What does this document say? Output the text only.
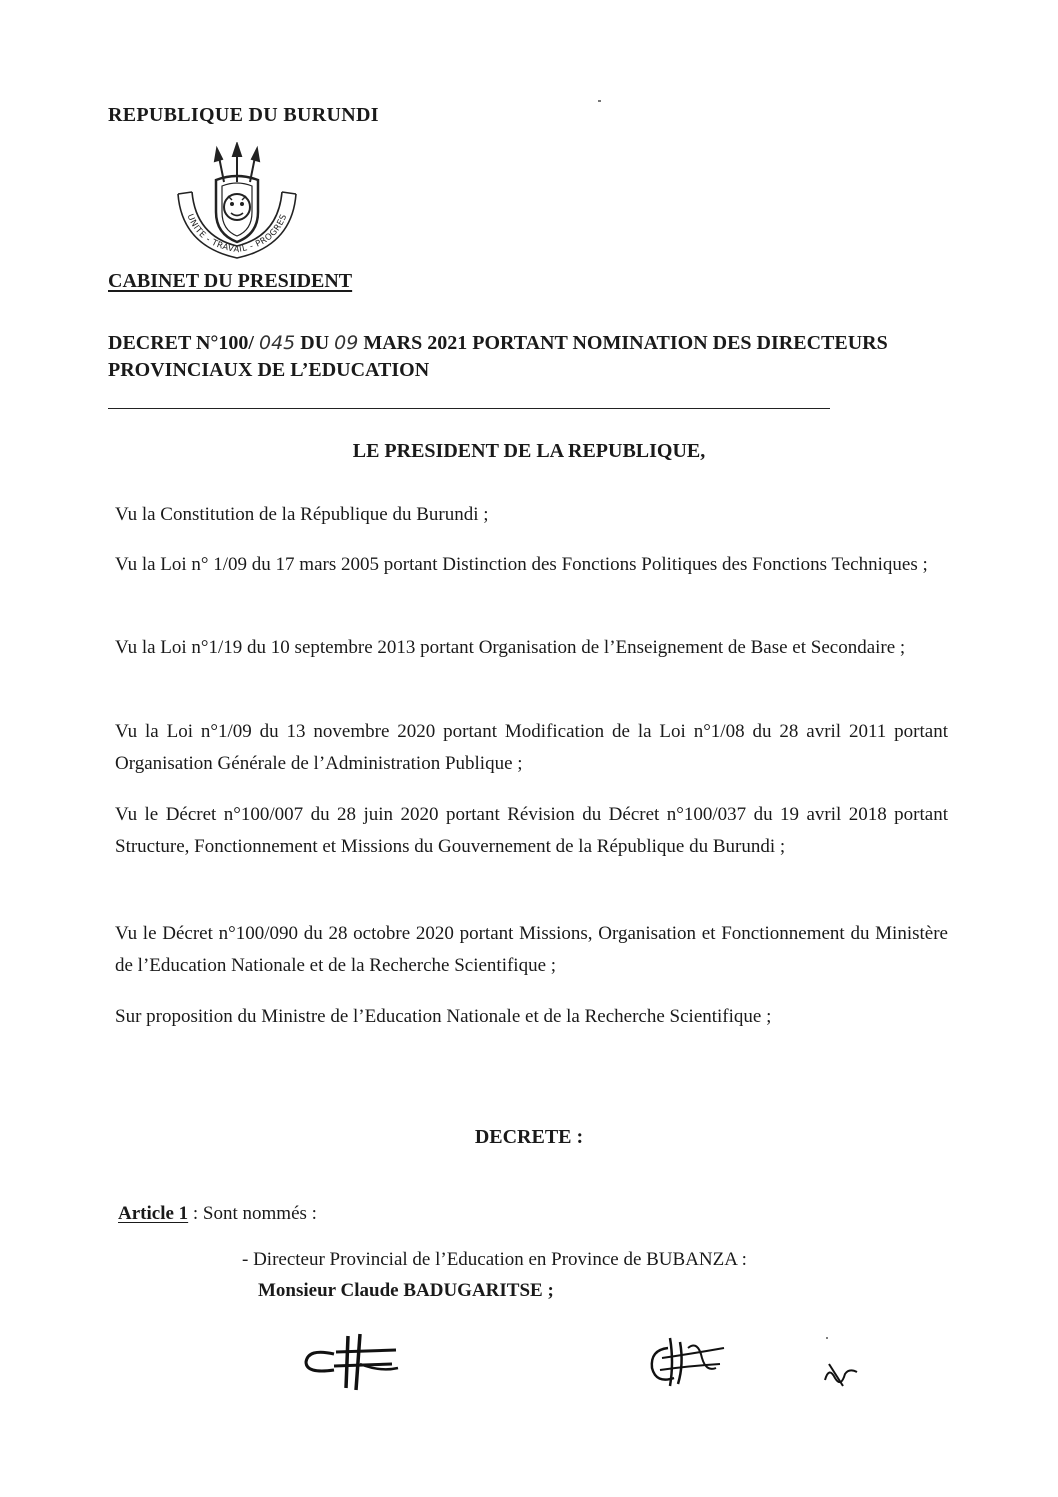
REPUBLIQUE DU BURUNDI
UNITE - TRAVAIL - PROGRES
CABINET DU PRESIDENT
DECRET N°100/ 045 DU 09 MARS 2021 PORTANT NOMINATION DES DIRECTEURS PROVINCIAUX DE L’EDUCATION
LE PRESIDENT DE LA REPUBLIQUE,
Vu la Constitution de la République du Burundi ;
Vu la Loi n° 1/09 du 17 mars 2005 portant Distinction des Fonctions Politiques des Fonctions Techniques ;
Vu la Loi n°1/19 du 10 septembre 2013 portant Organisation de l’Enseignement de Base et Secondaire ;
Vu la Loi n°1/09 du 13 novembre 2020 portant Modification de la Loi n°1/08 du 28 avril 2011 portant Organisation Générale de l’Administration Publique ;
Vu le Décret n°100/007 du 28 juin 2020 portant Révision du Décret n°100/037 du 19 avril 2018 portant Structure, Fonctionnement et Missions du Gouvernement de la République du Burundi ;
Vu le Décret n°100/090 du 28 octobre 2020 portant Missions, Organisation et Fonctionnement du Ministère de l’Education Nationale et de la Recherche Scientifique ;
Sur proposition du Ministre de l’Education Nationale et de la Recherche Scientifique ;
DECRETE :
Article 1 : Sont nommés :
- Directeur Provincial de l’Education en Province de BUBANZA :
Monsieur Claude BADUGARITSE ;
